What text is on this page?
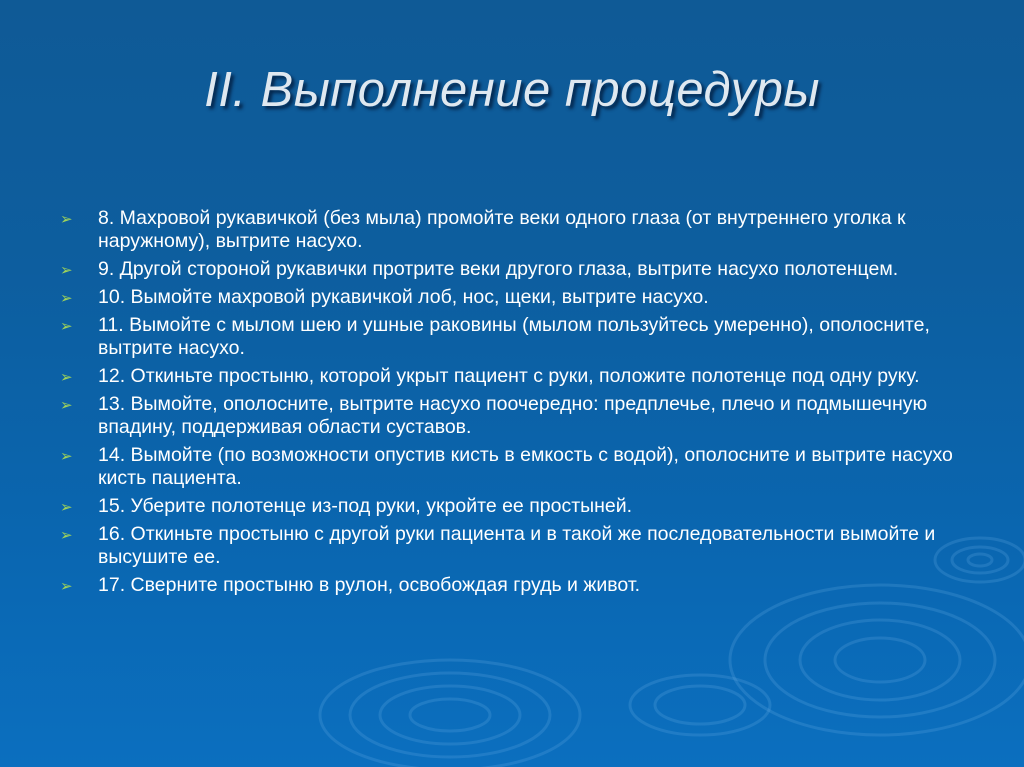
II. Выполнение процедуры
➢ 8. Махровой рукавичкой (без мыла) промойте веки одного глаза (от внутреннего уголка к наружному), вытрите насухо.
➢ 9. Другой стороной рукавички протрите веки другого глаза, вытрите насухо полотенцем.
➢ 10. Вымойте махровой рукавичкой лоб, нос, щеки, вытрите насухо.
➢ 11. Вымойте с мылом шею и ушные раковины (мылом пользуйтесь умеренно), ополосните, вытрите насухо.
➢ 12. Откиньте простыню, которой укрыт пациент с руки, положите полотенце под одну руку.
➢ 13. Вымойте, ополосните, вытрите насухо поочередно: предплечье, плечо и подмышечную впадину, поддерживая области суставов.
➢ 14. Вымойте (по возможности опустив кисть в емкость с водой), ополосните и вытрите насухо кисть пациента.
➢ 15. Уберите полотенце из-под руки, укройте ее простыней.
➢ 16. Откиньте простыню с другой руки пациента и в такой же последовательности вымойте и высушите ее.
➢ 17. Сверните простыню в рулон, освобождая грудь и живот.
